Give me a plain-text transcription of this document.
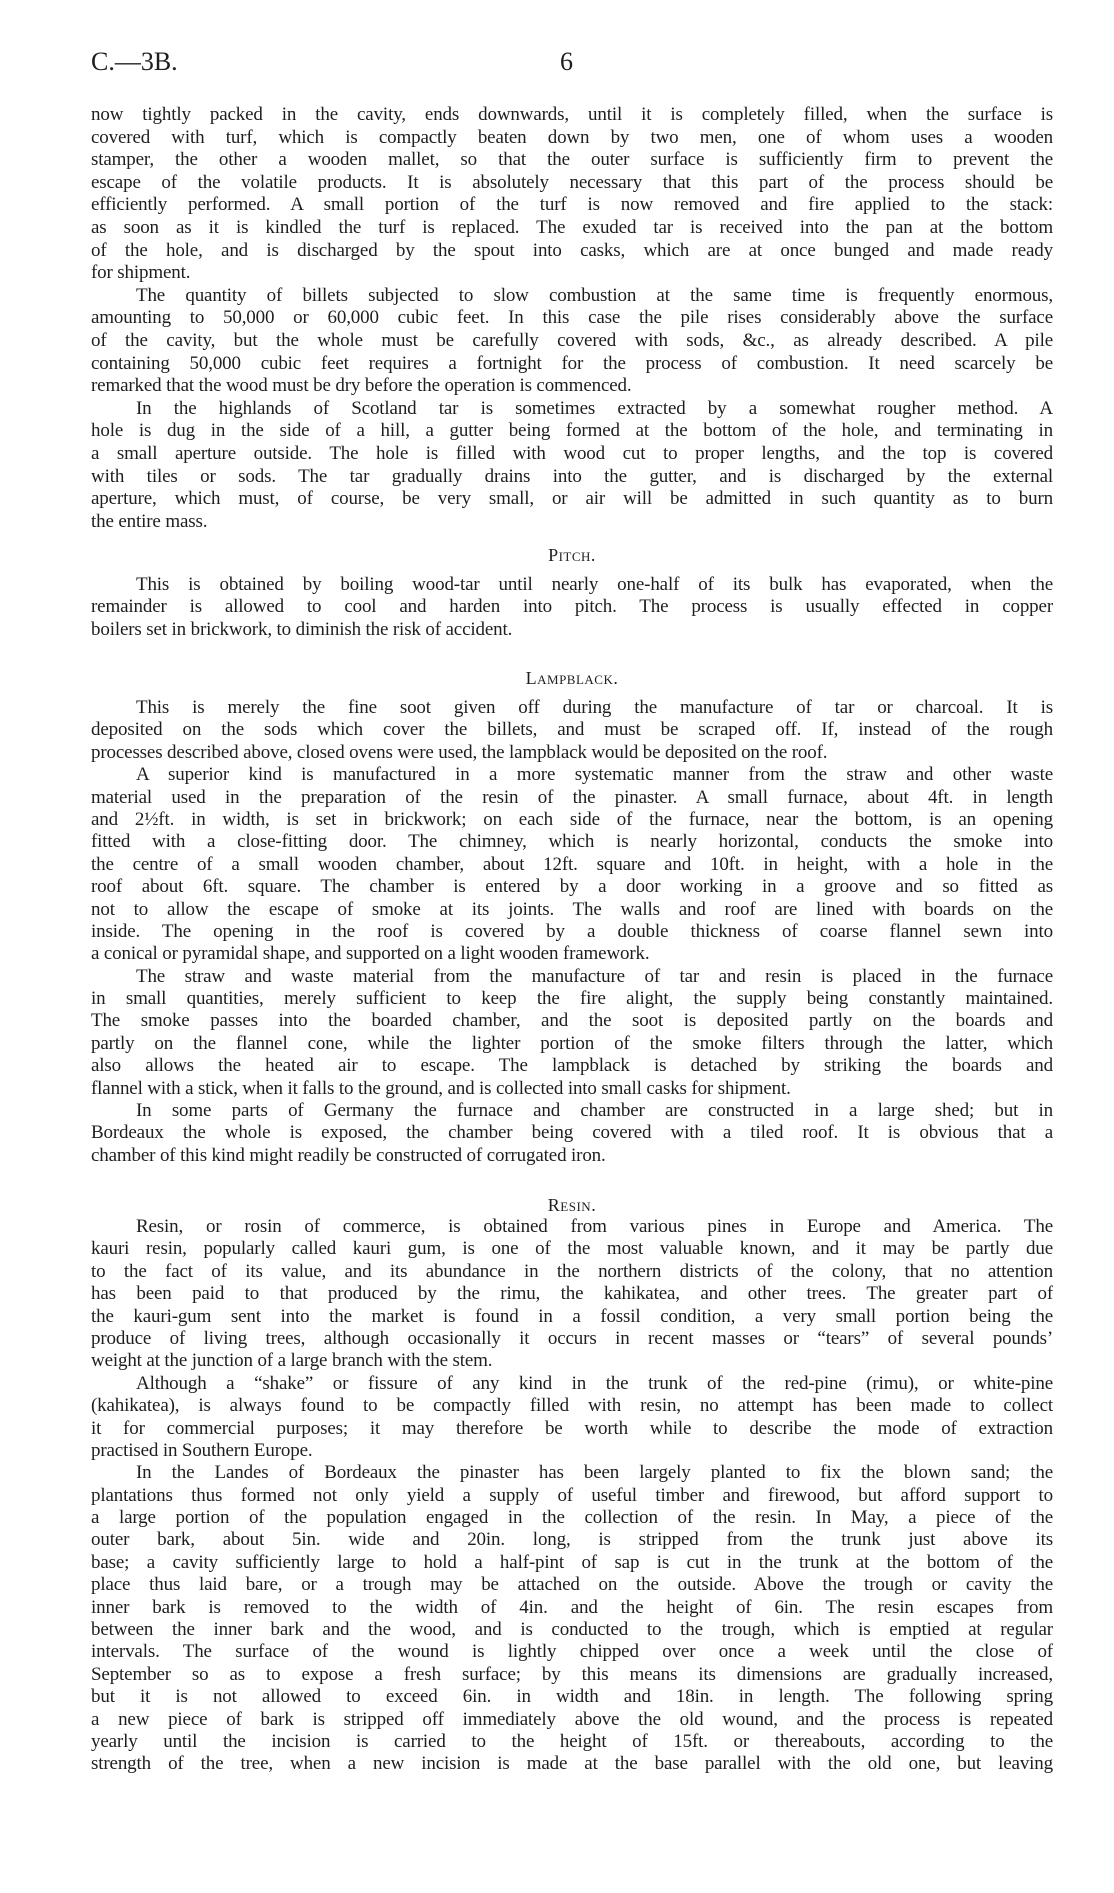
C.—3B.	6
now tightly packed in the cavity, ends downwards, until it is completely filled, when the surface is
covered with turf, which is compactly beaten down by two men, one of whom uses a wooden
stamper, the other a wooden mallet, so that the outer surface is sufficiently firm to prevent the
escape of the volatile products. It is absolutely necessary that this part of the process should be
efficiently performed. A small portion of the turf is now removed and fire applied to the stack:
as soon as it is kindled the turf is replaced. The exuded tar is received into the pan at the bottom
of the hole, and is discharged by the spout into casks, which are at once bunged and made ready
for shipment.
The quantity of billets subjected to slow combustion at the same time is frequently enormous,
amounting to 50,000 or 60,000 cubic feet. In this case the pile rises considerably above the surface
of the cavity, but the whole must be carefully covered with sods, &c., as already described. A pile
containing 50,000 cubic feet requires a fortnight for the process of combustion. It need scarcely be
remarked that the wood must be dry before the operation is commenced.
In the highlands of Scotland tar is sometimes extracted by a somewhat rougher method. A
hole is dug in the side of a hill, a gutter being formed at the bottom of the hole, and terminating in
a small aperture outside. The hole is filled with wood cut to proper lengths, and the top is covered
with tiles or sods. The tar gradually drains into the gutter, and is discharged by the external
aperture, which must, of course, be very small, or air will be admitted in such quantity as to burn
the entire mass.
Pitch.
This is obtained by boiling wood-tar until nearly one-half of its bulk has evaporated, when the
remainder is allowed to cool and harden into pitch. The process is usually effected in copper
boilers set in brickwork, to diminish the risk of accident.
Lampblack.
This is merely the fine soot given off during the manufacture of tar or charcoal. It is
deposited on the sods which cover the billets, and must be scraped off. If, instead of the rough
processes described above, closed ovens were used, the lampblack would be deposited on the roof.
A superior kind is manufactured in a more systematic manner from the straw and other waste
material used in the preparation of the resin of the pinaster. A small furnace, about 4ft. in length
and 2½ft. in width, is set in brickwork; on each side of the furnace, near the bottom, is an opening
fitted with a close-fitting door. The chimney, which is nearly horizontal, conducts the smoke into
the centre of a small wooden chamber, about 12ft. square and 10ft. in height, with a hole in the
roof about 6ft. square. The chamber is entered by a door working in a groove and so fitted as
not to allow the escape of smoke at its joints. The walls and roof are lined with boards on the
inside. The opening in the roof is covered by a double thickness of coarse flannel sewn into
a conical or pyramidal shape, and supported on a light wooden framework.
The straw and waste material from the manufacture of tar and resin is placed in the furnace
in small quantities, merely sufficient to keep the fire alight, the supply being constantly maintained.
The smoke passes into the boarded chamber, and the soot is deposited partly on the boards and
partly on the flannel cone, while the lighter portion of the smoke filters through the latter, which
also allows the heated air to escape. The lampblack is detached by striking the boards and
flannel with a stick, when it falls to the ground, and is collected into small casks for shipment.
In some parts of Germany the furnace and chamber are constructed in a large shed; but in
Bordeaux the whole is exposed, the chamber being covered with a tiled roof. It is obvious that a
chamber of this kind might readily be constructed of corrugated iron.
Resin.
Resin, or rosin of commerce, is obtained from various pines in Europe and America. The
kauri resin, popularly called kauri gum, is one of the most valuable known, and it may be partly due
to the fact of its value, and its abundance in the northern districts of the colony, that no attention
has been paid to that produced by the rimu, the kahikatea, and other trees. The greater part of
the kauri-gum sent into the market is found in a fossil condition, a very small portion being the
produce of living trees, although occasionally it occurs in recent masses or “tears” of several pounds’
weight at the junction of a large branch with the stem.
Although a “shake” or fissure of any kind in the trunk of the red-pine (rimu), or white-pine
(kahikatea), is always found to be compactly filled with resin, no attempt has been made to collect
it for commercial purposes; it may therefore be worth while to describe the mode of extraction
practised in Southern Europe.
In the Landes of Bordeaux the pinaster has been largely planted to fix the blown sand; the
plantations thus formed not only yield a supply of useful timber and firewood, but afford support to
a large portion of the population engaged in the collection of the resin. In May, a piece of the
outer bark, about 5in. wide and 20in. long, is stripped from the trunk just above its
base; a cavity sufficiently large to hold a half-pint of sap is cut in the trunk at the bottom of the
place thus laid bare, or a trough may be attached on the outside. Above the trough or cavity the
inner bark is removed to the width of 4in. and the height of 6in. The resin escapes from
between the inner bark and the wood, and is conducted to the trough, which is emptied at regular
intervals. The surface of the wound is lightly chipped over once a week until the close of
September so as to expose a fresh surface; by this means its dimensions are gradually increased,
but it is not allowed to exceed 6in. in width and 18in. in length. The following spring
a new piece of bark is stripped off immediately above the old wound, and the process is repeated
yearly until the incision is carried to the height of 15ft. or thereabouts, according to the
strength of the tree, when a new incision is made at the base parallel with the old one, but leaving
